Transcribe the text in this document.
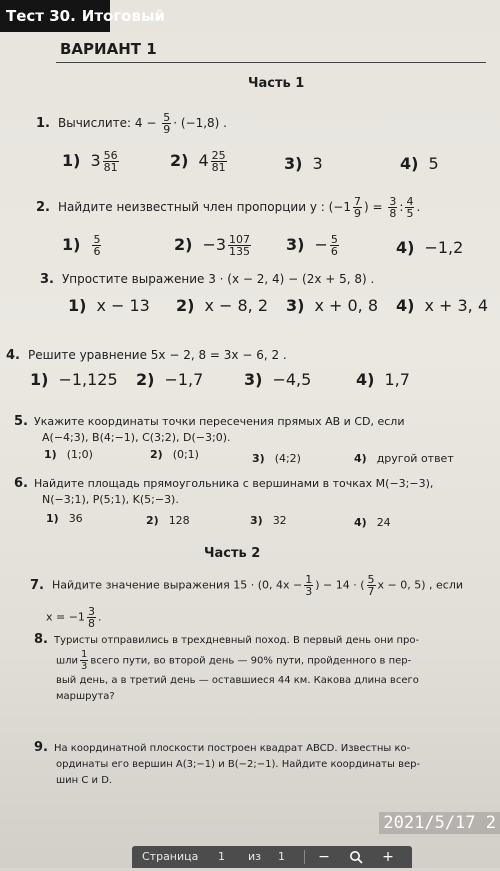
Тест 30. Итоговый
ВАРИАНТ 1
Часть 1
1. Вычислите: $4 - \frac{5}{9} \cdot (-1,8)$ .
1) $3 \frac{56}{81}$	2) $4 \frac{25}{81}$	3) 3	4) 5
2. Найдите неизвестный член пропорции y : ($-1 \frac{7}{9}$ ) = $\frac{3}{8}$ : $\frac{4}{5}$ .
$1) \frac{5}{6}$	$2) -3 \frac{107}{135} 3) - \frac{5}{6}$	4) −1,2
3. Упростите выражение 3 · (x − 2, 4) − (2x + 5, 8) .
1) x − 13 2) x − 8, 2 3) x + 0, 8 4) x + 3, 4
4. Решите уравнение 5x − 2, 8 = 3x − 6, 2 .
1) −1,125 2) −1,7	3) −4,5	4) 1,7
5. Укажите координаты точки пересечения прямых AB и CD, если
A(−4;3), B(4;−1), C(3;2), D(−3;0).
1) (1;0)	2) (0;1)	3) (4;2)	4) другой ответ
6. Найдите площадь прямоугольника с вершинами в точках M(−3;−3),
N(−3;1), P(5;1), K(5;−3).
1) 36	2) 128	3) 32	4) 24
Часть 2
7. Найдите значение выражения 15 · (0, $4x - \frac{1}{3}$ ) − 14 · ( $\frac{5}{7}$ x − 0, 5) , если
$x = -1 \frac{3}{8}$ .
8. Туристы отправились в трехдневный поход. В первый день они про-
шли $\frac{1}{3}$ всего пути, во второй день — 90% пути, пройденного в пер-
вый день, а в третий день — оставшиеся 44 км. Какова длина всего
маршрута?
9. На координатной плоскости построен квадрат ABCD. Известны ко-
ординаты его вершин A(3;−1) и B(−2;−1). Найдите координаты вер-
шин C и D.
2021/5/17 2
Страница 1 из 1	−	+
